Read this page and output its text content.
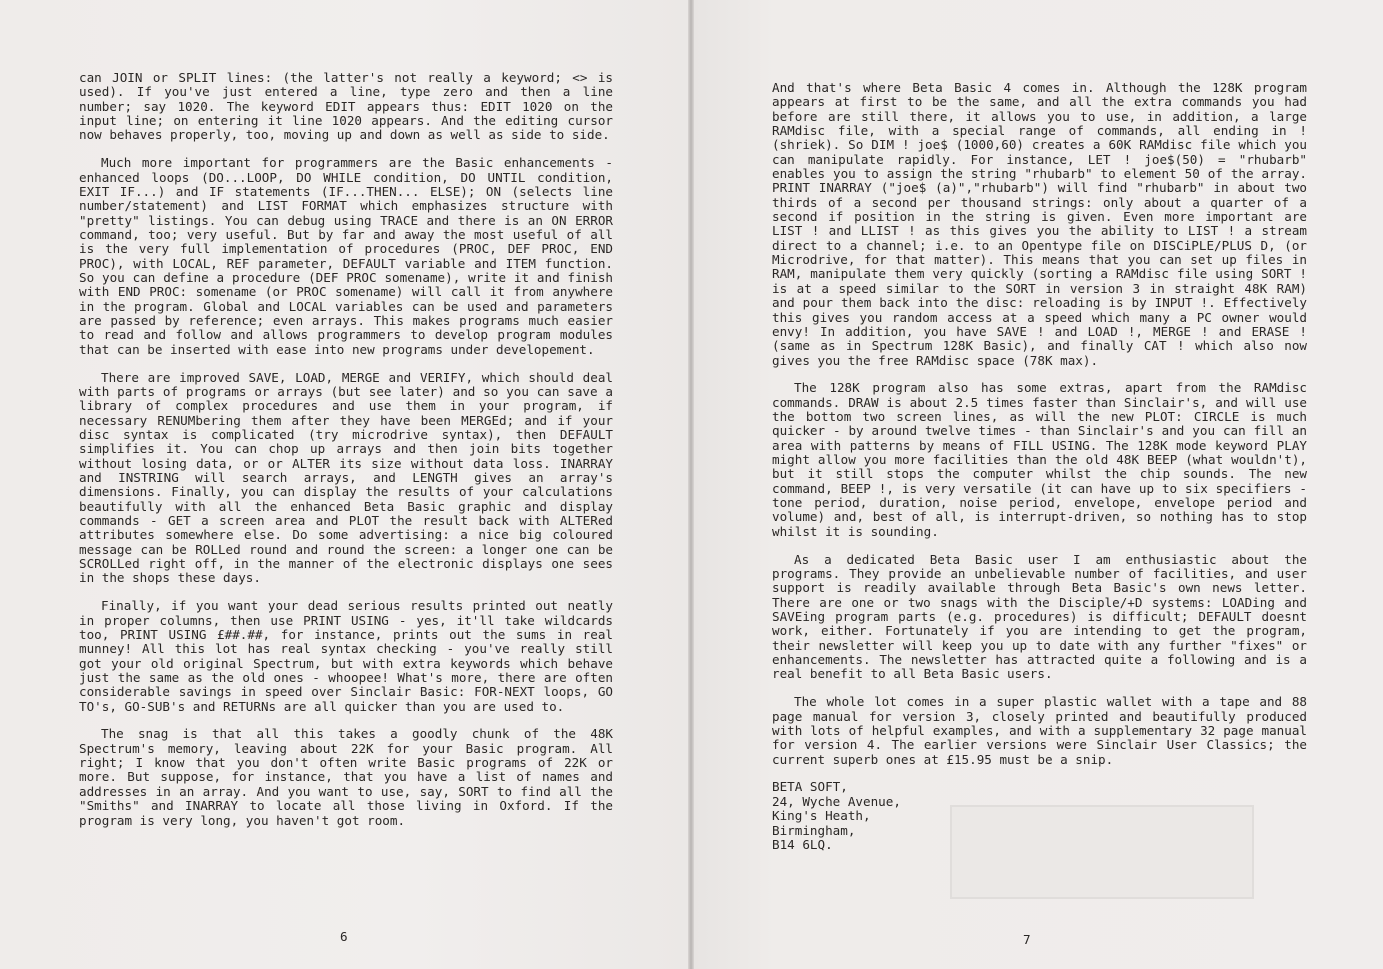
can JOIN or SPLIT lines: (the latter's not really a keyword; <> is used). If you've just entered a line, type zero and then a line number; say 1020. The keyword EDIT appears thus: EDIT 1020 on the input line; on entering it line 1020 appears. And the editing cursor now behaves properly, too, moving up and down as well as side to side.

Much more important for programmers are the Basic enhancements - enhanced loops (DO...LOOP, DO WHILE condition, DO UNTIL condition, EXIT IF...) and IF statements (IF...THEN... ELSE); ON (selects line number/statement) and LIST FORMAT which emphasizes structure with "pretty" listings. You can debug using TRACE and there is an ON ERROR command, too; very useful. But by far and away the most useful of all is the very full implementation of procedures (PROC, DEF PROC, END PROC), with LOCAL, REF parameter, DEFAULT variable and ITEM function. So you can define a procedure (DEF PROC somename), write it and finish with END PROC: somename (or PROC somename) will call it from anywhere in the program. Global and LOCAL variables can be used and parameters are passed by reference; even arrays. This makes programs much easier to read and follow and allows programmers to develop program modules that can be inserted with ease into new programs under developement.

There are improved SAVE, LOAD, MERGE and VERIFY, which should deal with parts of programs or arrays (but see later) and so you can save a library of complex procedures and use them in your program, if necessary RENUMbering them after they have been MERGEd; and if your disc syntax is complicated (try microdrive syntax), then DEFAULT simplifies it. You can chop up arrays and then join bits together without losing data, or or ALTER its size without data loss. INARRAY and INSTRING will search arrays, and LENGTH gives an array's dimensions. Finally, you can display the results of your calculations beautifully with all the enhanced Beta Basic graphic and display commands - GET a screen area and PLOT the result back with ALTERed attributes somewhere else. Do some advertising: a nice big coloured message can be ROLLed round and round the screen: a longer one can be SCROLLed right off, in the manner of the electronic displays one sees in the shops these days.

Finally, if you want your dead serious results printed out neatly in proper columns, then use PRINT USING - yes, it'll take wildcards too, PRINT USING £##.##, for instance, prints out the sums in real munney! All this lot has real syntax checking - you've really still got your old original Spectrum, but with extra keywords which behave just the same as the old ones - whoopee! What's more, there are often considerable savings in speed over Sinclair Basic: FOR-NEXT loops, GO TO's, GO-SUB's and RETURNs are all quicker than you are used to.

The snag is that all this takes a goodly chunk of the 48K Spectrum's memory, leaving about 22K for your Basic program. All right; I know that you don't often write Basic programs of 22K or more. But suppose, for instance, that you have a list of names and addresses in an array. And you want to use, say, SORT to find all the "Smiths" and INARRAY to locate all those living in Oxford. If the program is very long, you haven't got room.

6

And that's where Beta Basic 4 comes in. Although the 128K program appears at first to be the same, and all the extra commands you had before are still there, it allows you to use, in addition, a large RAMdisc file, with a special range of commands, all ending in ! (shriek). So DIM ! joe$ (1000,60) creates a 60K RAMdisc file which you can manipulate rapidly. For instance, LET ! joe$(50) = "rhubarb" enables you to assign the string "rhubarb" to element 50 of the array. PRINT INARRAY ("joe$ (a)","rhubarb") will find "rhubarb" in about two thirds of a second per thousand strings: only about a quarter of a second if position in the string is given. Even more important are LIST ! and LLIST ! as this gives you the ability to LIST ! a stream direct to a channel; i.e. to an Opentype file on DISCiPLE/PLUS D, (or Microdrive, for that matter). This means that you can set up files in RAM, manipulate them very quickly (sorting a RAMdisc file using SORT ! is at a speed similar to the SORT in version 3 in straight 48K RAM) and pour them back into the disc: reloading is by INPUT !. Effectively this gives you random access at a speed which many a PC owner would envy! In addition, you have SAVE ! and LOAD !, MERGE ! and ERASE ! (same as in Spectrum 128K Basic), and finally CAT ! which also now gives you the free RAMdisc space (78K max).

The 128K program also has some extras, apart from the RAMdisc commands. DRAW is about 2.5 times faster than Sinclair's, and will use the bottom two screen lines, as will the new PLOT: CIRCLE is much quicker - by around twelve times - than Sinclair's and you can fill an area with patterns by means of FILL USING. The 128K mode keyword PLAY might allow you more facilities than the old 48K BEEP (what wouldn't), but it still stops the computer whilst the chip sounds. The new command, BEEP !, is very versatile (it can have up to six specifiers - tone period, duration, noise period, envelope, envelope period and volume) and, best of all, is interrupt-driven, so nothing has to stop whilst it is sounding.

As a dedicated Beta Basic user I am enthusiastic about the programs. They provide an unbelievable number of facilities, and user support is readily available through Beta Basic's own news letter. There are one or two snags with the Disciple/+D systems: LOADing and SAVEing program parts (e.g. procedures) is difficult; DEFAULT doesnt work, either. Fortunately if you are intending to get the program, their newsletter will keep you up to date with any further "fixes" or enhancements. The newsletter has attracted quite a following and is a real benefit to all Beta Basic users.

The whole lot comes in a super plastic wallet with a tape and 88 page manual for version 3, closely printed and beautifully produced with lots of helpful examples, and with a supplementary 32 page manual for version 4. The earlier versions were Sinclair User Classics; the current superb ones at £15.95 must be a snip.

BETA SOFT,
24, Wyche Avenue,
King's Heath,
Birmingham,
B14 6LQ.
7
